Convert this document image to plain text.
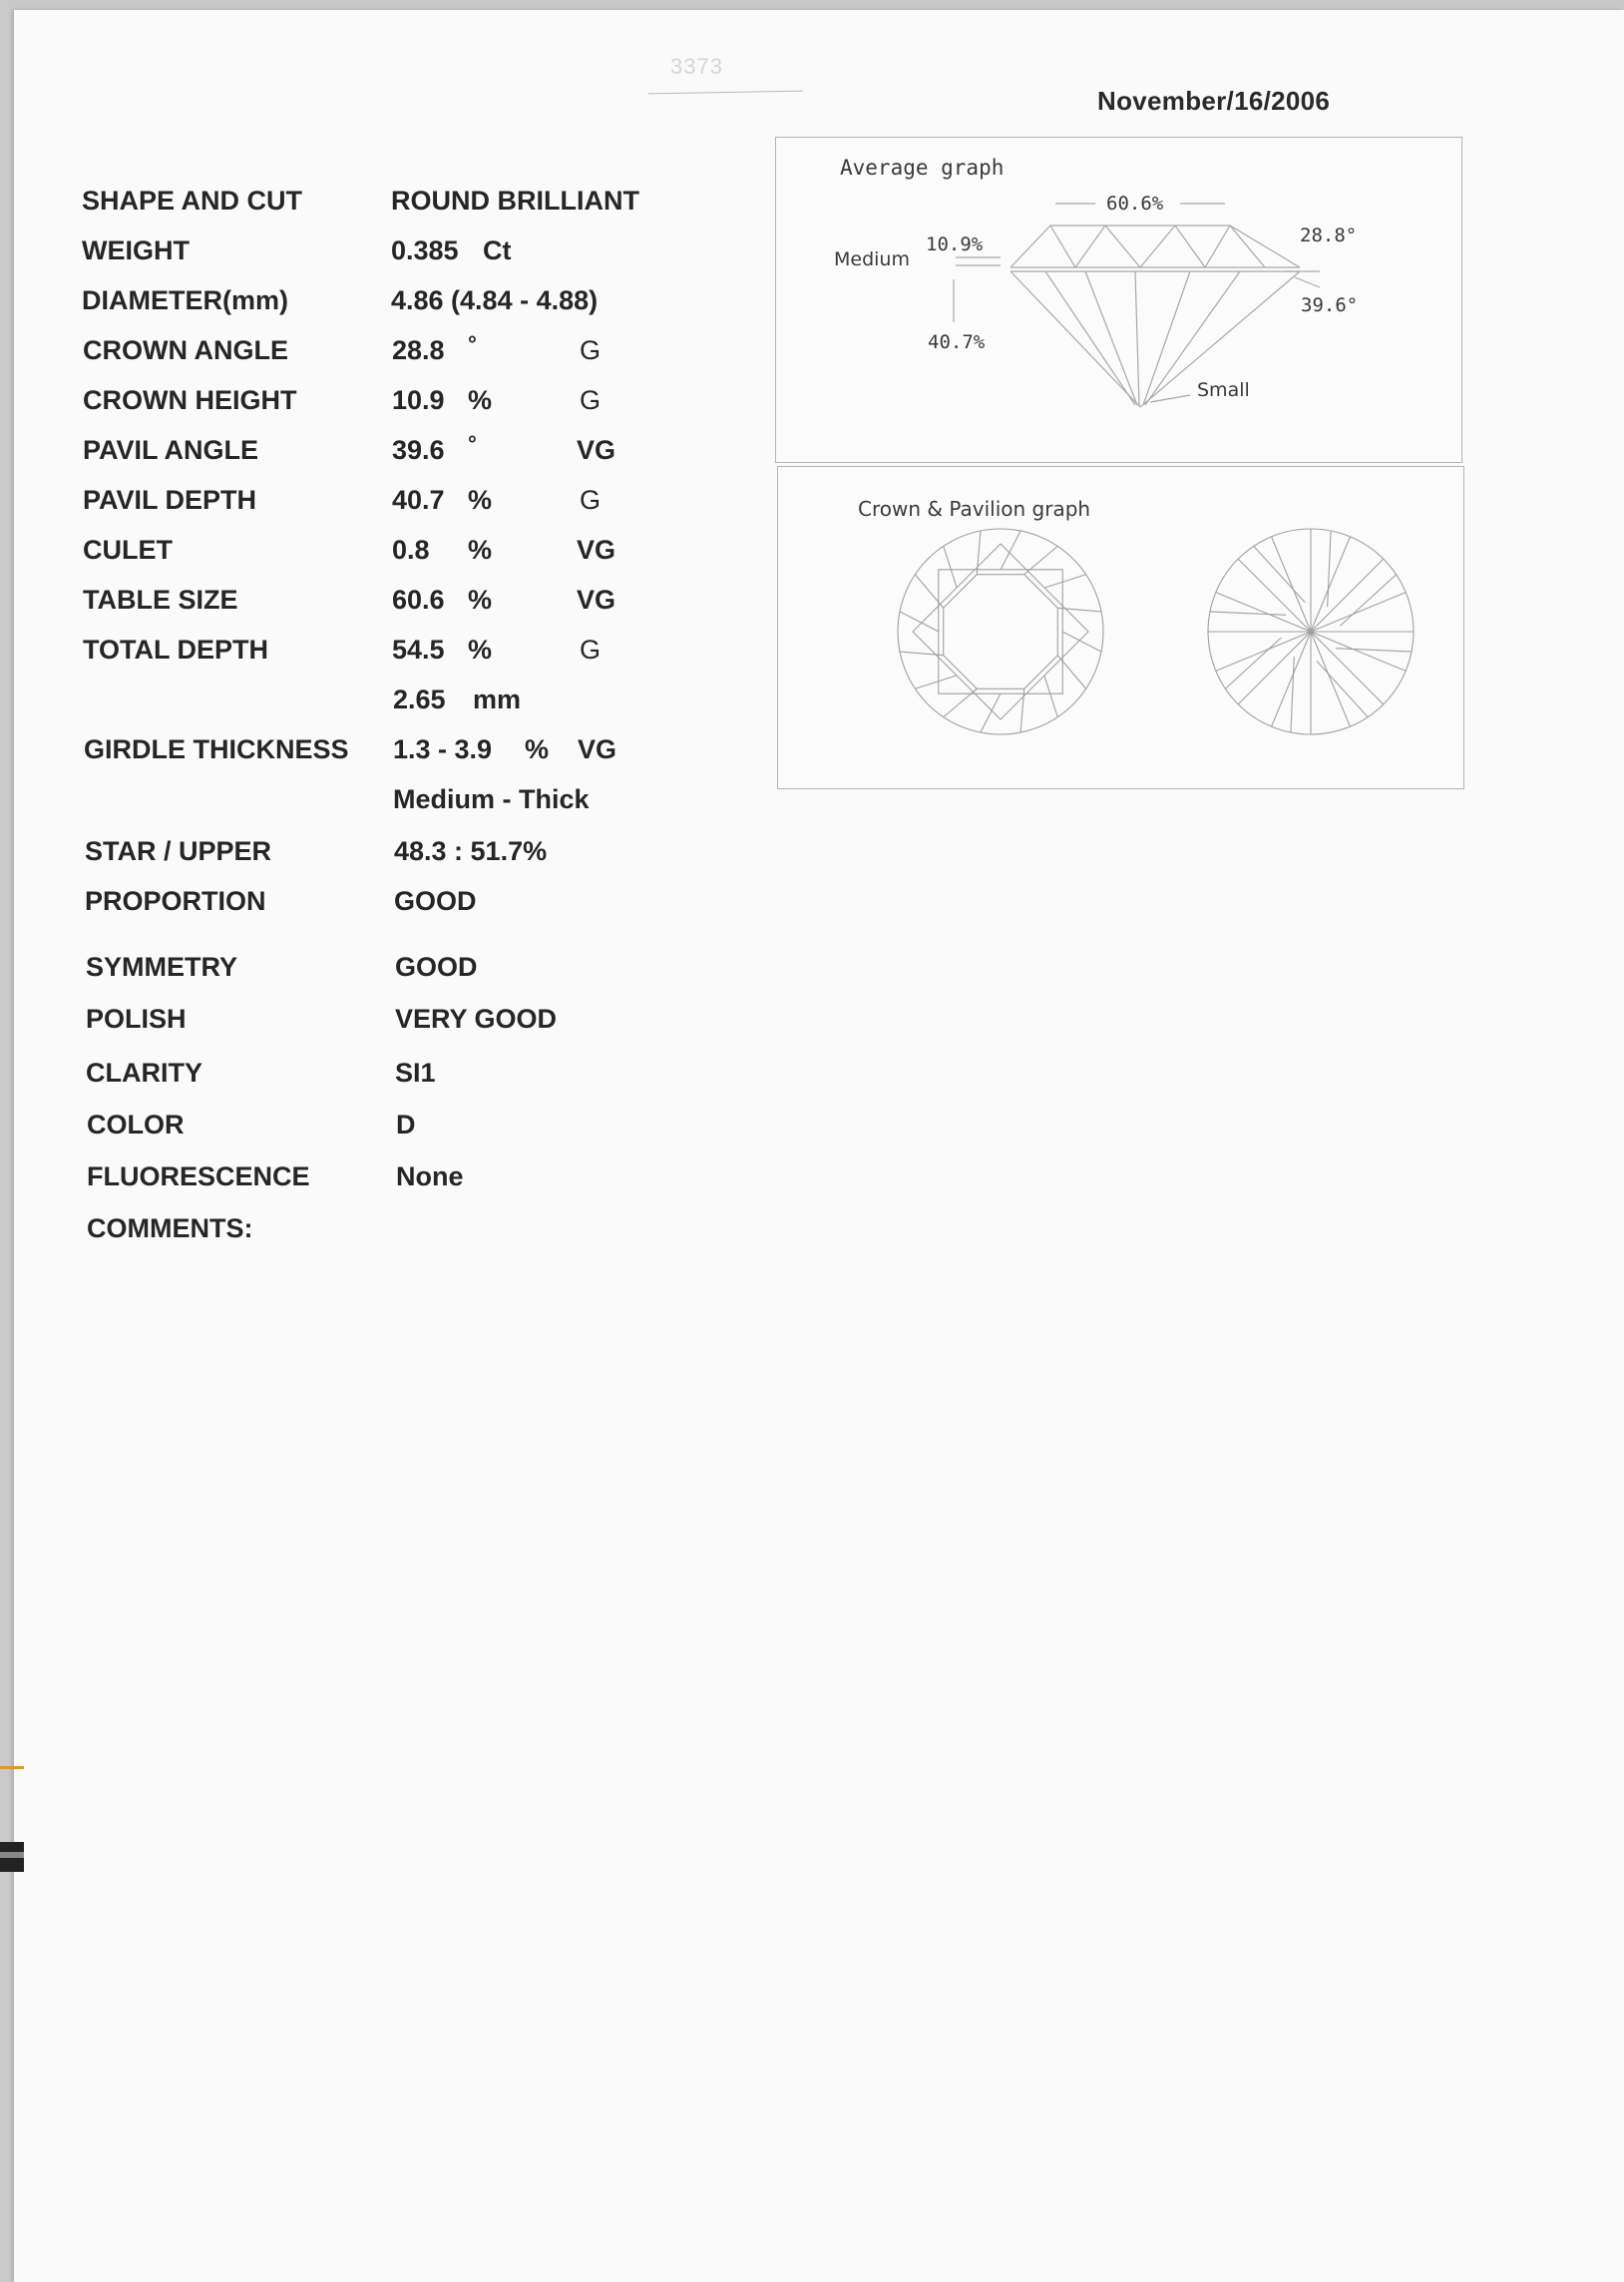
3373
November/16/2006
SHAPE AND CUT	ROUND BRILLIANT
WEIGHT	0.385 Ct
DIAMETER(mm)	4.86 (4.84 - 4.88)
CROWN ANGLE	28.8 °	G
CROWN HEIGHT	10.9 %	G
PAVIL ANGLE	39.6 °	VG
PAVIL DEPTH	40.7 %	G
CULET	0.8 %	VG
TABLE SIZE	60.6 %	VG
TOTAL DEPTH	54.5 %	G
2.65 mm
GIRDLE THICKNESS 1.3 - 3.9 % VG
Medium - Thick
STAR / UPPER	48.3 : 51.7%
PROPORTION	GOOD
SYMMETRY	GOOD
POLISH	VERY GOOD
CLARITY	SI1
COLOR	D
FLUORESCENCE	None
COMMENTS:
Average graph
60.6%
Medium
10.9%	28.8°
39.6°
40.7%
Small
Crown & Pavilion graph
